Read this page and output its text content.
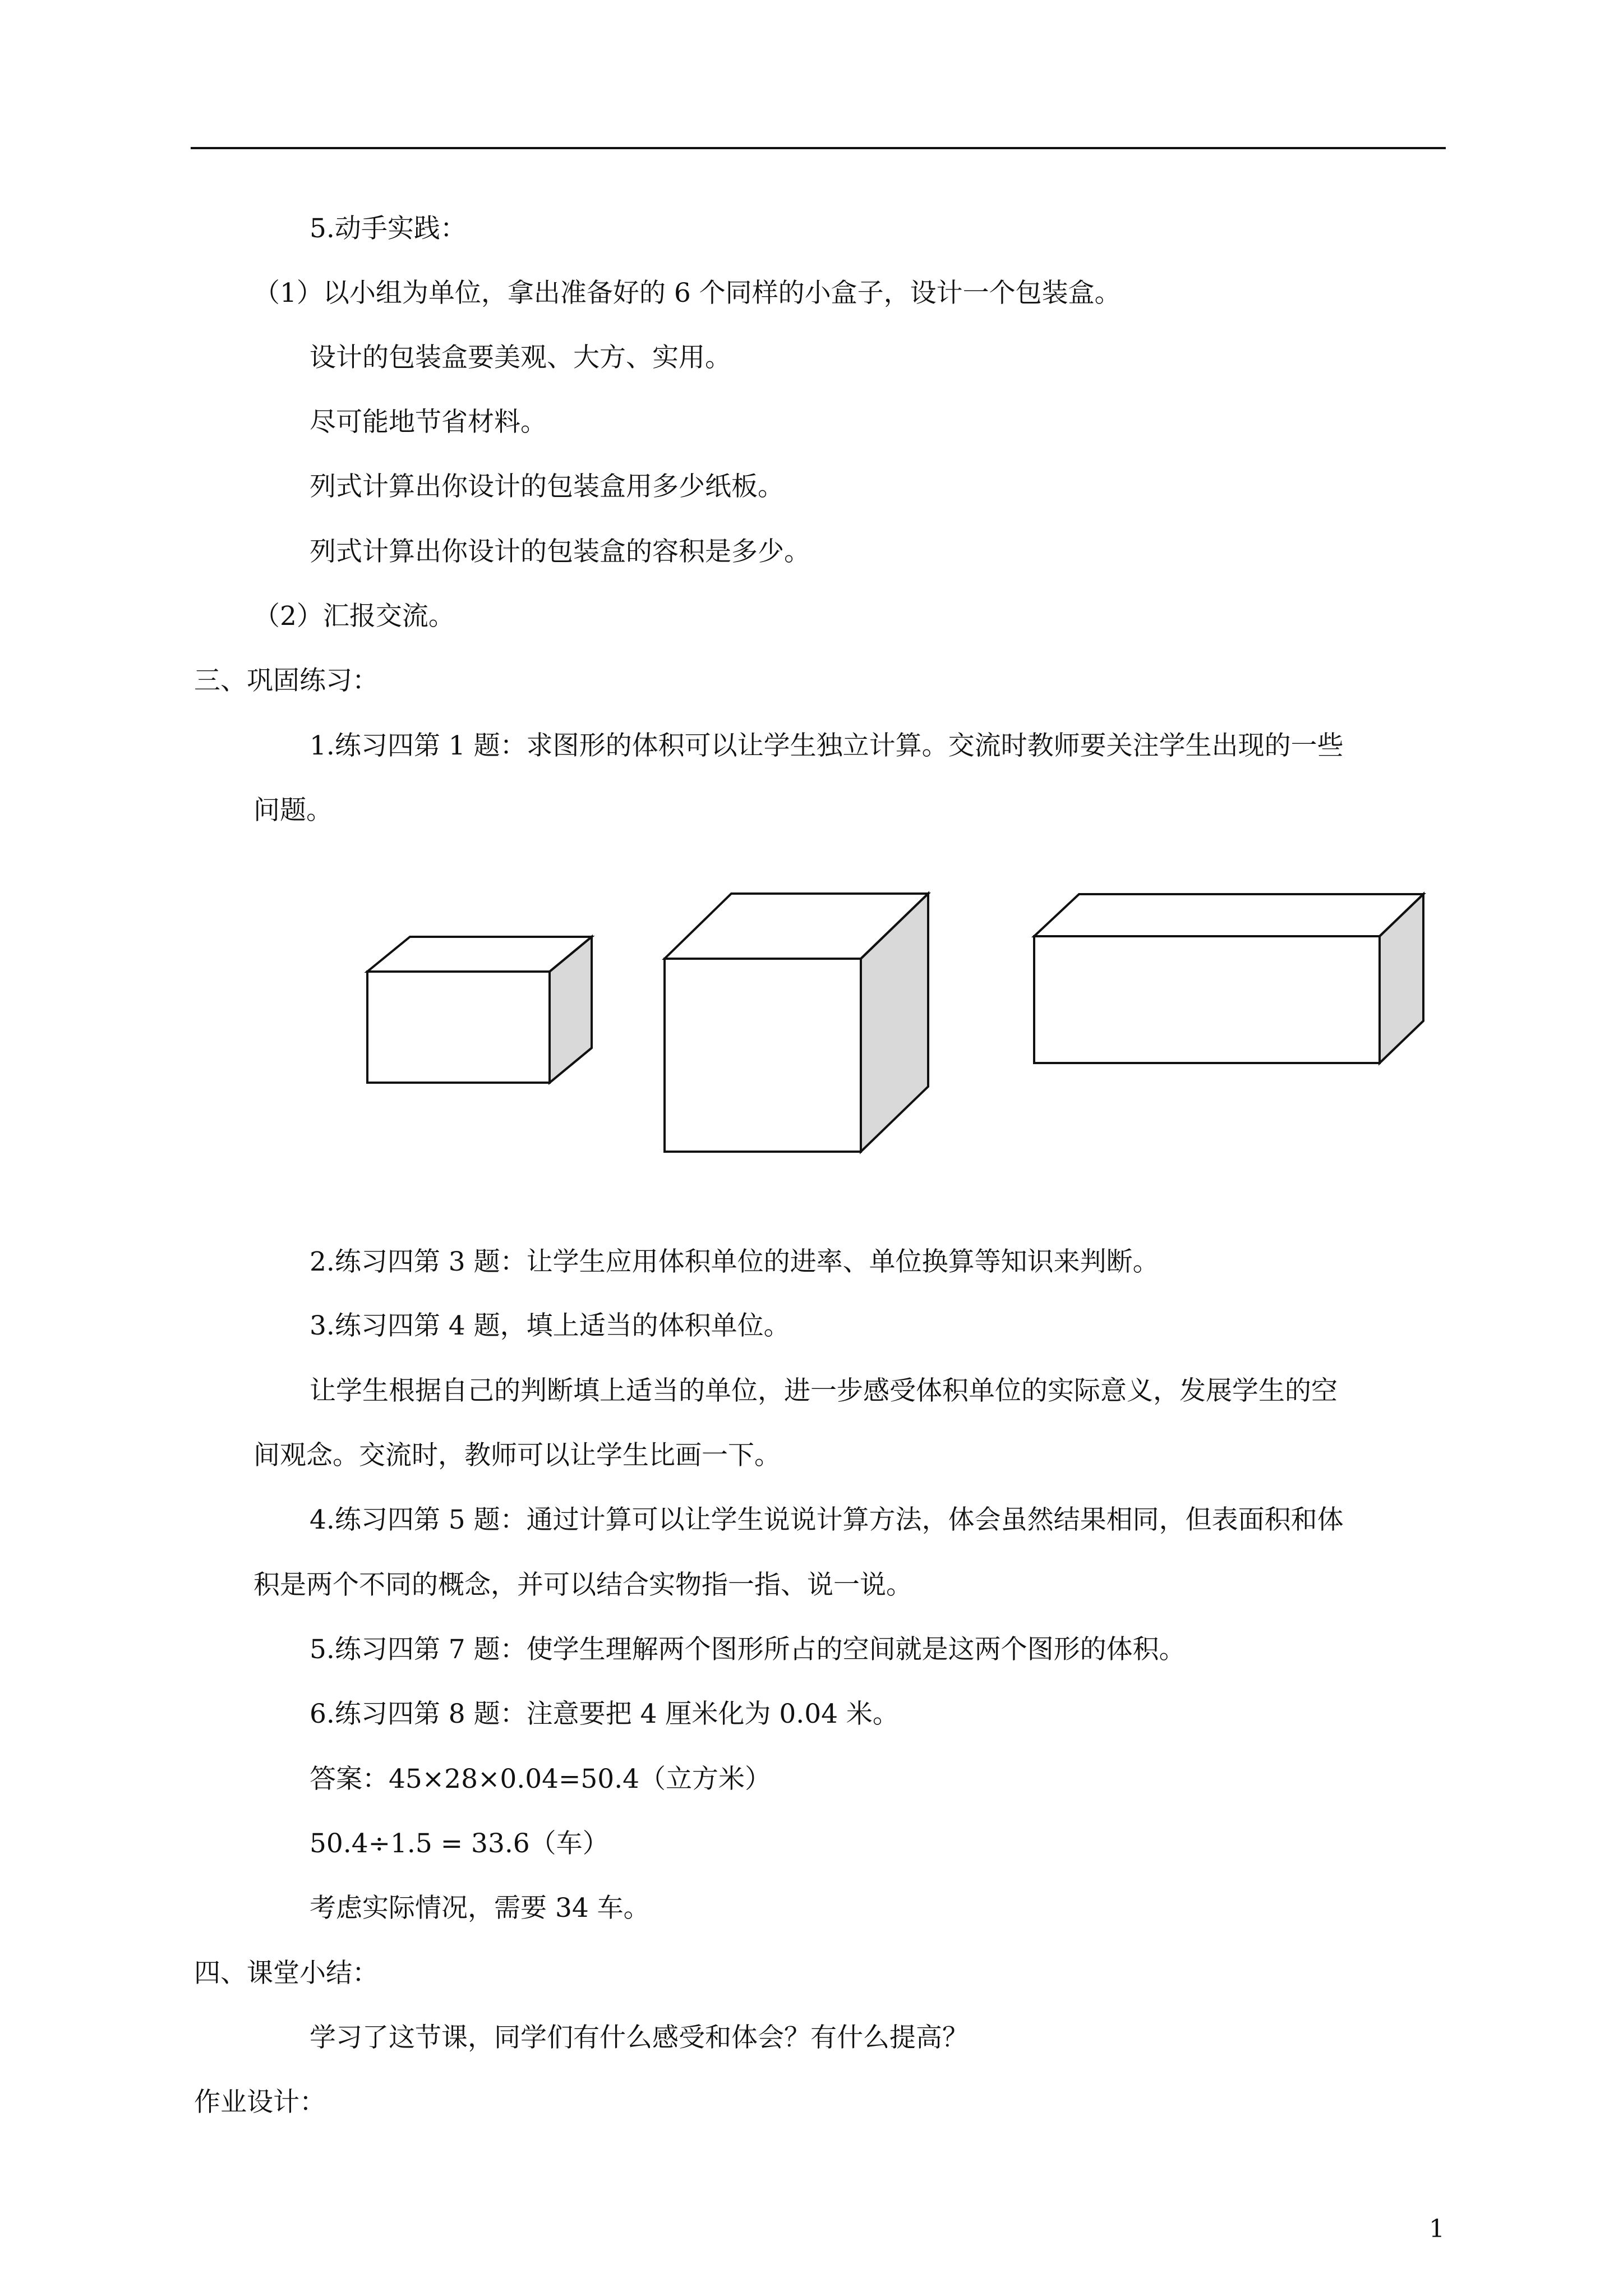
5.动手实践：
（1）以小组为单位，拿出准备好的 6 个同样的小盒子，设计一个包装盒。
设计的包装盒要美观、大方、实用。
尽可能地节省材料。
列式计算出你设计的包装盒用多少纸板。
列式计算出你设计的包装盒的容积是多少。
（2）汇报交流。
三、巩固练习：
1.练习四第 1 题：求图形的体积可以让学生独立计算。交流时教师要关注学生出现的一些
问题。
2.练习四第 3 题：让学生应用体积单位的进率、单位换算等知识来判断。
3.练习四第 4 题，填上适当的体积单位。
让学生根据自己的判断填上适当的单位，进一步感受体积单位的实际意义，发展学生的空
间观念。交流时，教师可以让学生比画一下。
4.练习四第 5 题：通过计算可以让学生说说计算方法，体会虽然结果相同，但表面积和体
积是两个不同的概念，并可以结合实物指一指、说一说。
5.练习四第 7 题：使学生理解两个图形所占的空间就是这两个图形的体积。
6.练习四第 8 题：注意要把 4 厘米化为 0.04 米。
答案：45×28×0.04=50.4（立方米）
50.4÷1.5 = 33.6（车）
考虑实际情况，需要 34 车。
四、课堂小结：
学习了这节课，同学们有什么感受和体会？有什么提高？
作业设计：
1
